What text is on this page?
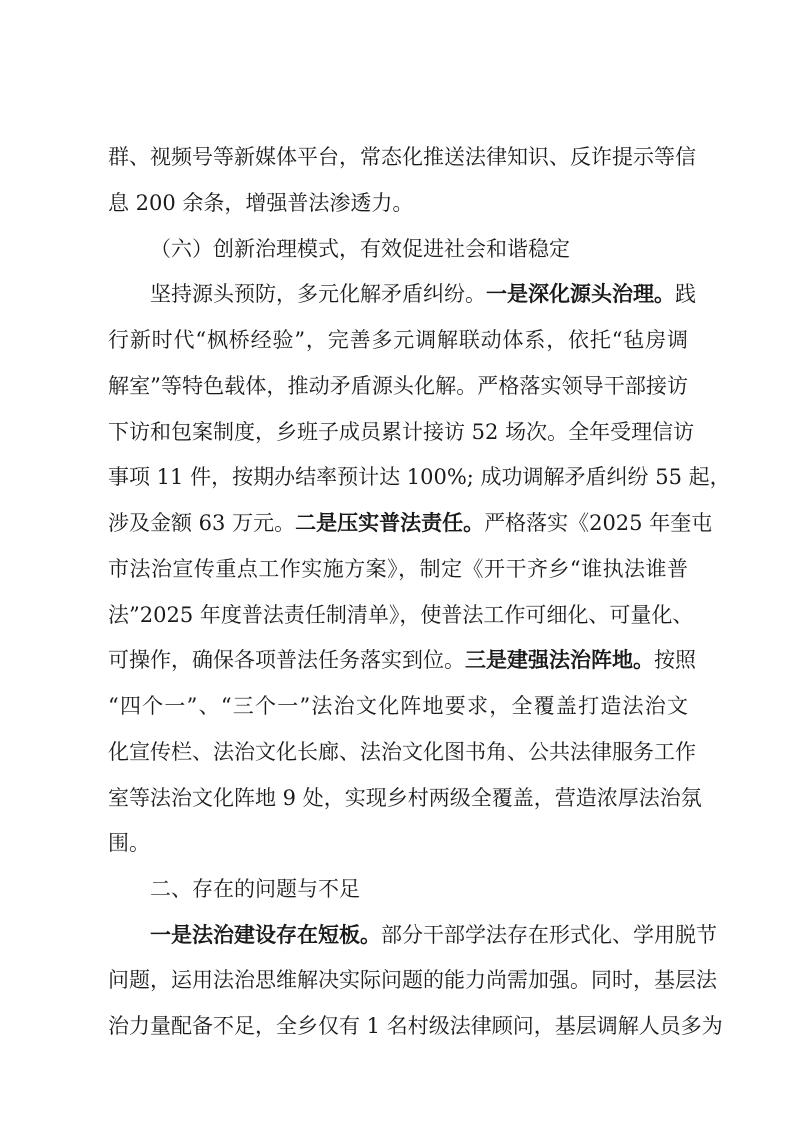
群、视频号等新媒体平台，常态化推送法律知识、反诈提示等信
息 200 余条，增强普法渗透力。
（六）创新治理模式，有效促进社会和谐稳定
坚持源头预防，多元化解矛盾纠纷。一是深化源头治理。践
行新时代“枫桥经验”，完善多元调解联动体系，依托“毡房调
解室”等特色载体，推动矛盾源头化解。严格落实领导干部接访
下访和包案制度，乡班子成员累计接访 52 场次。全年受理信访
事项 11 件，按期办结率预计达 100%; 成功调解矛盾纠纷 55 起，
涉及金额 63 万元。二是压实普法责任。严格落实《2025 年奎屯
市法治宣传重点工作实施方案》，制定《开干齐乡“谁执法谁普
法”2025 年度普法责任制清单》，使普法工作可细化、可量化、
可操作，确保各项普法任务落实到位。三是建强法治阵地。按照
“四个一”、“三个一”法治文化阵地要求，全覆盖打造法治文
化宣传栏、法治文化长廊、法治文化图书角、公共法律服务工作
室等法治文化阵地 9 处，实现乡村两级全覆盖，营造浓厚法治氛
围。
二、存在的问题与不足
一是法治建设存在短板。部分干部学法存在形式化、学用脱节
问题，运用法治思维解决实际问题的能力尚需加强。同时，基层法
治力量配备不足，全乡仅有 1 名村级法律顾问，基层调解人员多为
